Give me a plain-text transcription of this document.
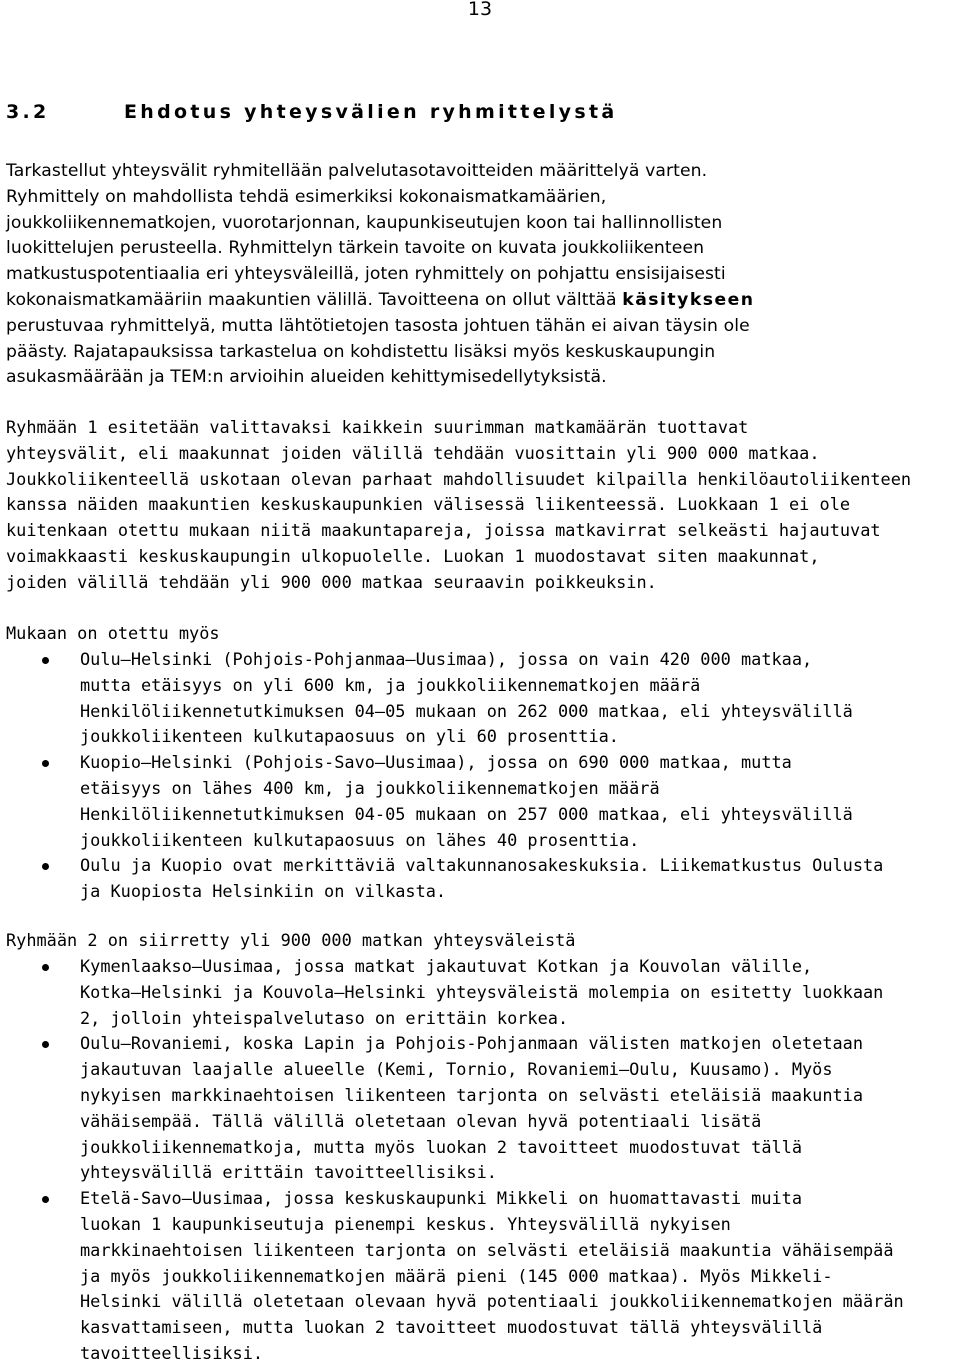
13
3.2	Ehdotus yhteysvälien ryhmittelystä

Tarkastellut yhteysvälit ryhmitellään palvelutasotavoitteiden määrittelyä varten.
Ryhmittely on mahdollista tehdä esimerkiksi kokonaismatkamäärien,
joukkoliikennematkojen, vuorotarjonnan, kaupunkiseutujen koon tai hallinnollisten
luokittelujen perusteella. Ryhmittelyn tärkein tavoite on kuvata joukkoliikenteen
matkustuspotentiaalia eri yhteysväleillä, joten ryhmittely on pohjattu ensisijaisesti
kokonaismatkamääriin maakuntien välillä. Tavoitteena on ollut välttää käsitykseen
perustuvaa ryhmittelyä, mutta lähtötietojen tasosta johtuen tähän ei aivan täysin ole
päästy. Rajatapauksissa tarkastelua on kohdistettu lisäksi myös keskuskaupungin
asukasmäärään ja TEM:n arvioihin alueiden kehittymisedellytyksistä.

Ryhmään 1 esitetään valittavaksi kaikkein suurimman matkamäärän tuottavat
yhteysvälit, eli maakunnat joiden välillä tehdään vuosittain yli 900 000 matkaa.
Joukkoliikenteellä uskotaan olevan parhaat mahdollisuudet kilpailla henkilöautoliikenteen
kanssa näiden maakuntien keskuskaupunkien välisessä liikenteessä. Luokkaan 1 ei ole
kuitenkaan otettu mukaan niitä maakuntapareja, joissa matkavirrat selkeästi hajautuvat
voimakkaasti keskuskaupungin ulkopuolelle. Luokan 1 muodostavat siten maakunnat,
joiden välillä tehdään yli 900 000 matkaa seuraavin poikkeuksin.

Mukaan on otettu myös

Oulu–Helsinki (Pohjois-Pohjanmaa–Uusimaa), jossa on vain 420 000 matkaa,
mutta etäisyys on yli 600 km, ja joukkoliikennematkojen määrä
Henkilöliikennetutkimuksen 04–05 mukaan on 262 000 matkaa, eli yhteysvälillä
joukkoliikenteen kulkutapaosuus on yli 60 prosenttia.
Kuopio–Helsinki (Pohjois-Savo–Uusimaa), jossa on 690 000 matkaa, mutta
etäisyys on lähes 400 km, ja joukkoliikennematkojen määrä
Henkilöliikennetutkimuksen 04-05 mukaan on 257 000 matkaa, eli yhteysvälillä
joukkoliikenteen kulkutapaosuus on lähes 40 prosenttia.
Oulu ja Kuopio ovat merkittäviä valtakunnanosakeskuksia. Liikematkustus Oulusta
ja Kuopiosta Helsinkiin on vilkasta.

Ryhmään 2 on siirretty yli 900 000 matkan yhteysväleistä

Kymenlaakso–Uusimaa, jossa matkat jakautuvat Kotkan ja Kouvolan välille,
Kotka–Helsinki ja Kouvola–Helsinki yhteysväleistä molempia on esitetty luokkaan
2, jolloin yhteispalvelutaso on erittäin korkea.
Oulu–Rovaniemi, koska Lapin ja Pohjois-Pohjanmaan välisten matkojen oletetaan
jakautuvan laajalle alueelle (Kemi, Tornio, Rovaniemi–Oulu, Kuusamo). Myös
nykyisen markkinaehtoisen liikenteen tarjonta on selvästi eteläisiä maakuntia
vähäisempää. Tällä välillä oletetaan olevan hyvä potentiaali lisätä
joukkoliikennematkoja, mutta myös luokan 2 tavoitteet muodostuvat tällä
yhteysvälillä erittäin tavoitteellisiksi.
Etelä-Savo–Uusimaa, jossa keskuskaupunki Mikkeli on huomattavasti muita
luokan 1 kaupunkiseutuja pienempi keskus. Yhteysvälillä nykyisen
markkinaehtoisen liikenteen tarjonta on selvästi eteläisiä maakuntia vähäisempää
ja myös joukkoliikennematkojen määrä pieni (145 000 matkaa). Myös Mikkeli-
Helsinki välillä oletetaan olevaan hyvä potentiaali joukkoliikennematkojen määrän
kasvattamiseen, mutta luokan 2 tavoitteet muodostuvat tällä yhteysvälillä
tavoitteellisiksi.
